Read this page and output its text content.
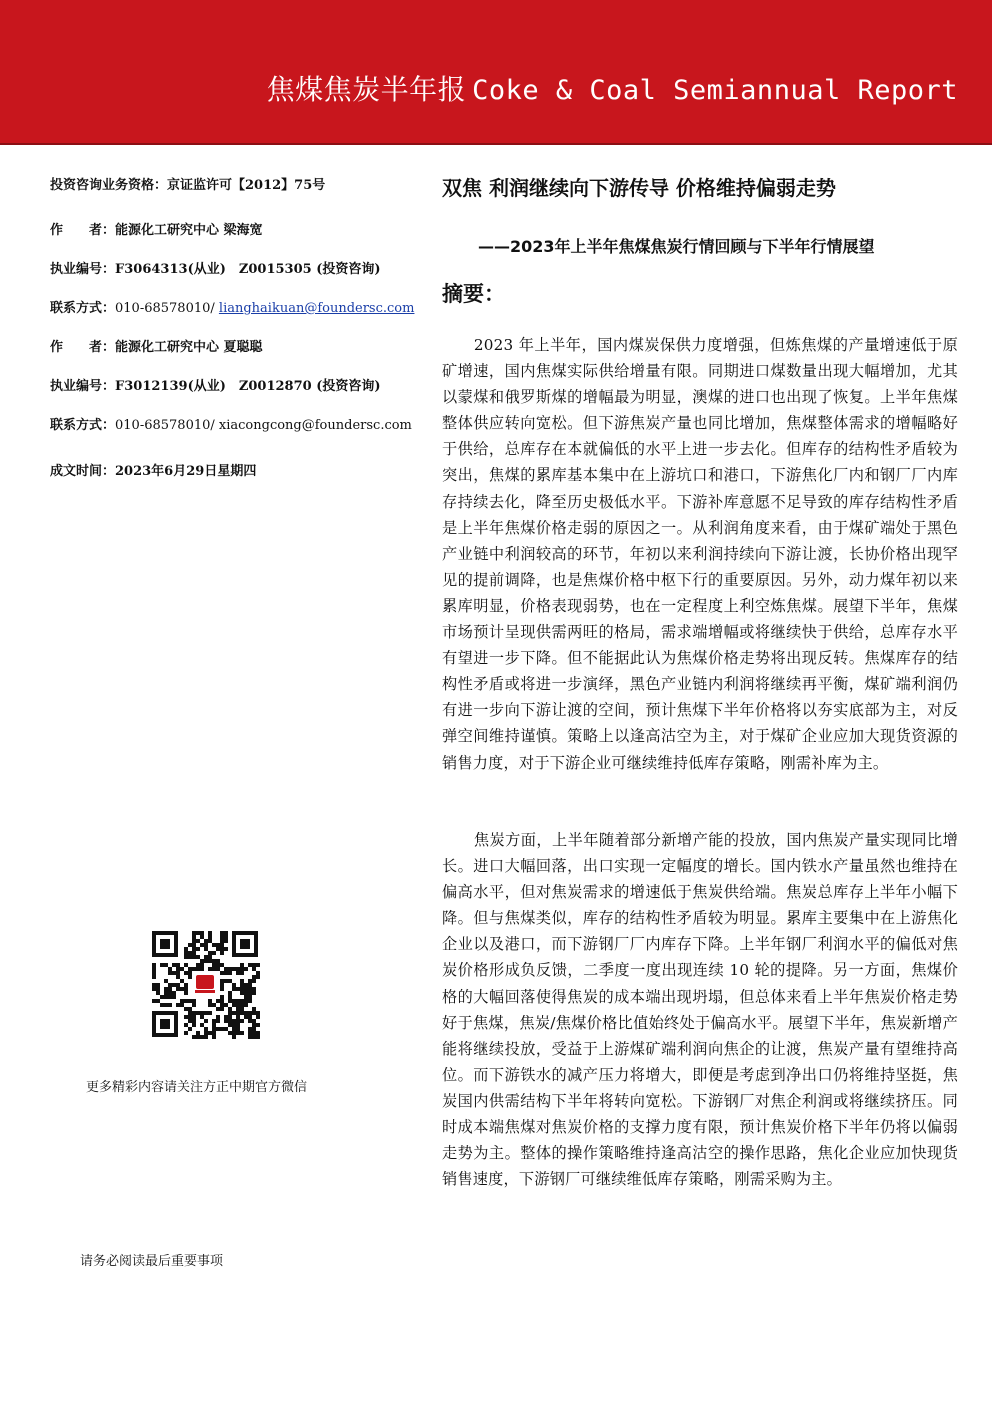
焦煤焦炭半年报 Coke & Coal Semiannual Report
投资咨询业务资格：京证监许可【2012】75号
作　　者：能源化工研究中心 梁海宽
执业编号：F3064313(从业)　Z0015305 (投资咨询)
联系方式：010-68578010/ lianghaikuan@foundersc.com
作　　者：能源化工研究中心 夏聪聪
执业编号：F3012139(从业)　Z0012870 (投资咨询)
联系方式：010-68578010/ xiacongcong@foundersc.com
成文时间：2023年6月29日星期四
更多精彩内容请关注方正中期官方微信
请务必阅读最后重要事项
双焦 利润继续向下游传导 价格维持偏弱走势
——2023年上半年焦煤焦炭行情回顾与下半年行情展望
摘要：
2023 年上半年，国内煤炭保供力度增强，但炼焦煤的产量增速低于原矿增速，国内焦煤实际供给增量有限。同期进口煤数量出现大幅增加，尤其以蒙煤和俄罗斯煤的增幅最为明显，澳煤的进口也出现了恢复。上半年焦煤整体供应转向宽松。但下游焦炭产量也同比增加，焦煤整体需求的增幅略好于供给，总库存在本就偏低的水平上进一步去化。但库存的结构性矛盾较为突出，焦煤的累库基本集中在上游坑口和港口，下游焦化厂内和钢厂厂内库存持续去化，降至历史极低水平。下游补库意愿不足导致的库存结构性矛盾是上半年焦煤价格走弱的原因之一。从利润角度来看，由于煤矿端处于黑色产业链中利润较高的环节，年初以来利润持续向下游让渡，长协价格出现罕见的提前调降，也是焦煤价格中枢下行的重要原因。另外，动力煤年初以来累库明显，价格表现弱势，也在一定程度上利空炼焦煤。展望下半年，焦煤市场预计呈现供需两旺的格局，需求端增幅或将继续快于供给，总库存水平有望进一步下降。但不能据此认为焦煤价格走势将出现反转。焦煤库存的结构性矛盾或将进一步演绎，黑色产业链内利润将继续再平衡，煤矿端利润仍有进一步向下游让渡的空间，预计焦煤下半年价格将以夯实底部为主，对反弹空间维持谨慎。策略上以逢高沽空为主，对于煤矿企业应加大现货资源的销售力度，对于下游企业可继续维持低库存策略，刚需补库为主。
焦炭方面，上半年随着部分新增产能的投放，国内焦炭产量实现同比增长。进口大幅回落，出口实现一定幅度的增长。国内铁水产量虽然也维持在偏高水平，但对焦炭需求的增速低于焦炭供给端。焦炭总库存上半年小幅下降。但与焦煤类似，库存的结构性矛盾较为明显。累库主要集中在上游焦化企业以及港口，而下游钢厂厂内库存下降。上半年钢厂利润水平的偏低对焦炭价格形成负反馈，二季度一度出现连续 10 轮的提降。另一方面，焦煤价格的大幅回落使得焦炭的成本端出现坍塌，但总体来看上半年焦炭价格走势好于焦煤，焦炭/焦煤价格比值始终处于偏高水平。展望下半年，焦炭新增产能将继续投放，受益于上游煤矿端利润向焦企的让渡，焦炭产量有望维持高位。而下游铁水的减产压力将增大，即便是考虑到净出口仍将维持坚挺，焦炭国内供需结构下半年将转向宽松。下游钢厂对焦企利润或将继续挤压。同时成本端焦煤对焦炭价格的支撑力度有限，预计焦炭价格下半年仍将以偏弱走势为主。整体的操作策略维持逢高沽空的操作思路，焦化企业应加快现货销售速度，下游钢厂可继续维低库存策略，刚需采购为主。
